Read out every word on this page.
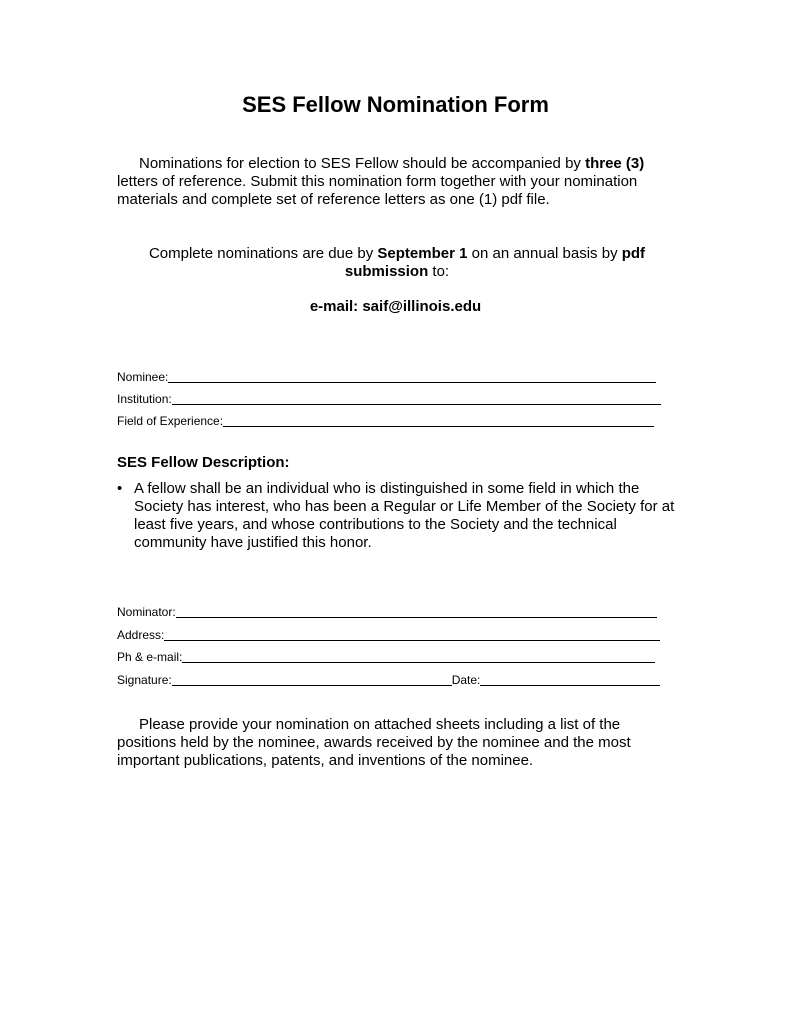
SES Fellow Nomination Form

Nominations for election to SES Fellow should be accompanied by three (3) letters of reference. Submit this nomination form together with your nomination materials and complete set of reference letters as one (1) pdf file.

Complete nominations are due by September 1 on an annual basis by pdf submission to:

e-mail: saif@illinois.edu
Nominee:
Institution:
Field of Experience:
SES Fellow Description:
• A fellow shall be an individual who is distinguished in some field in which the Society has interest, who has been a Regular or Life Member of the Society for at least five years, and whose contributions to the Society and the technical community have justified this honor.
Nominator:
Address:
Ph & e-mail:
Signature:	Date:

Please provide your nomination on attached sheets including a list of the positions held by the nominee, awards received by the nominee and the most important publications, patents, and inventions of the nominee.
